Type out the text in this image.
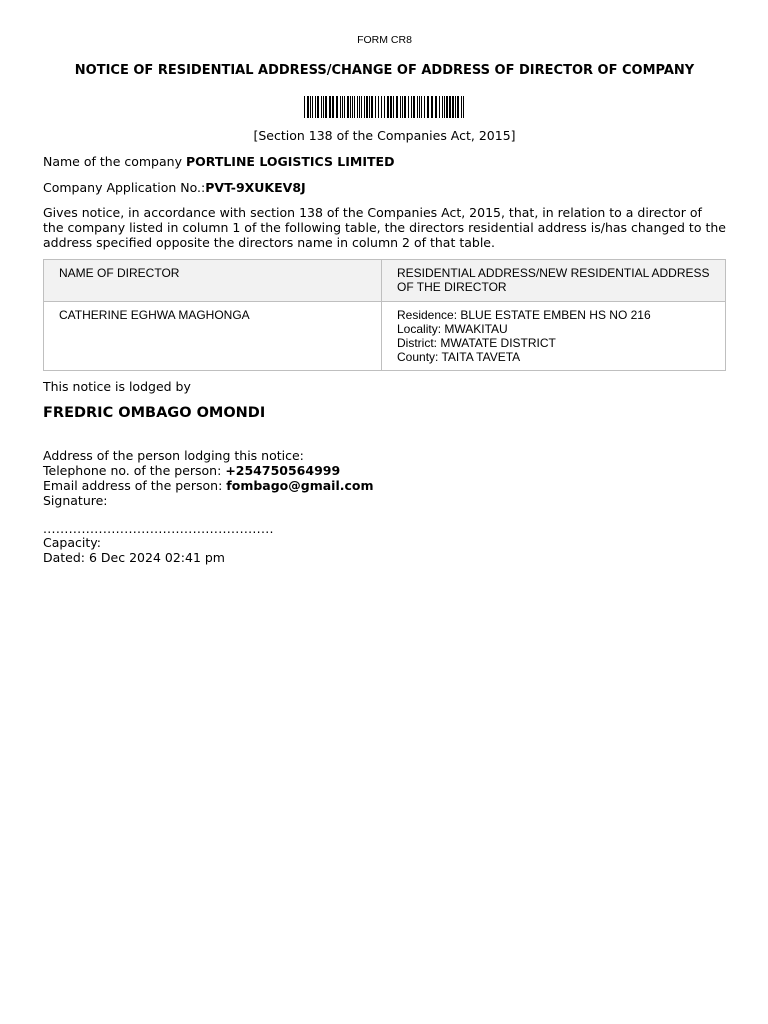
FORM CR8
NOTICE OF RESIDENTIAL ADDRESS/CHANGE OF ADDRESS OF DIRECTOR OF COMPANY
[Section 138 of the Companies Act, 2015]
Name of the company PORTLINE LOGISTICS LIMITED
Company Application No.:PVT-9XUKEV8J
Gives notice, in accordance with section 138 of the Companies Act, 2015, that, in relation to a director of the company listed in column 1 of the following table, the directors residential address is/has changed to the address specified opposite the directors name in column 2 of that table.
NAME OF DIRECTOR	RESIDENTIAL ADDRESS/NEW RESIDENTIAL ADDRESS OF THE DIRECTOR
CATHERINE EGHWA MAGHONGA	Residence: BLUE ESTATE EMBEN HS NO 216
Locality: MWAKITAU
District: MWATATE DISTRICT
County: TAITA TAVETA
This notice is lodged by
FREDRIC OMBAGO OMONDI
Address of the person lodging this notice:
Telephone no. of the person: +254750564999
Email address of the person: fombago@gmail.com
Signature:
......................................................
Capacity:
Dated: 6 Dec 2024 02:41 pm
